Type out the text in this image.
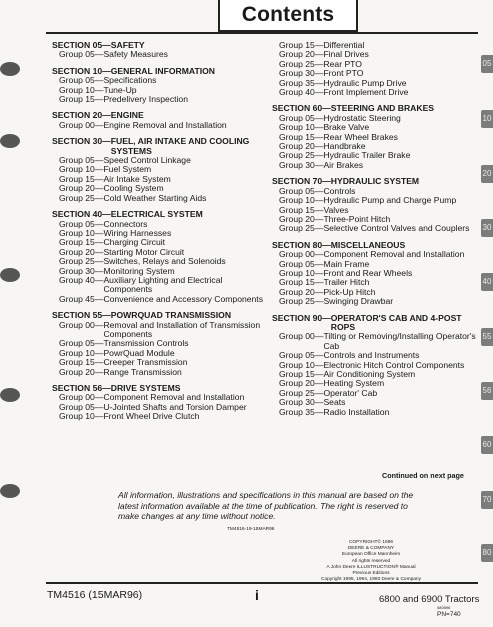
Contents
SECTION 05— SAFETY
Group 05— Safety Measures
SECTION 10— GENERAL INFORMATION
Group 05— Specifications
Group 10— Tune-Up
Group 15— Predelivery Inspection
SECTION 20— ENGINE
Group 00— Engine Removal and Installation
SECTION 30— FUEL, AIR INTAKE AND COOLING SYSTEMS
Group 05— Speed Control Linkage
Group 10— Fuel System
Group 15— Air Intake System
Group 20— Cooling System
Group 25— Cold Weather Starting Aids
SECTION 40— ELECTRICAL SYSTEM
Group 05— Connectors
Group 10— Wiring Harnesses
Group 15— Charging Circuit
Group 20— Starting Motor Circuit
Group 25— Switches, Relays and Solenoids
Group 30— Monitoring System
Group 40— Auxiliary Lighting and Electrical Components
Group 45— Convenience and Accessory Components
SECTION 55— POWRQUAD TRANSMISSION
Group 00— Removal and Installation of Transmission Components
Group 05— Transmission Controls
Group 10— PowrQuad Module
Group 15— Creeper Transmission
Group 20— Range Transmission
SECTION 56— DRIVE SYSTEMS
Group 00— Component Removal and Installation
Group 05— U-Jointed Shafts and Torsion Damper
Group 10— Front Wheel Drive Clutch
Group 15— Differential
Group 20— Final Drives
Group 25— Rear PTO
Group 30— Front PTO
Group 35— Hydraulic Pump Drive
Group 40— Front Implement Drive
SECTION 60— STEERING AND BRAKES
Group 05— Hydrostatic Steering
Group 10— Brake Valve
Group 15— Rear Wheel Brakes
Group 20— Handbrake
Group 25— Hydraulic Trailer Brake
Group 30— Air Brakes
SECTION 70— HYDRAULIC SYSTEM
Group 05— Controls
Group 10— Hydraulic Pump and Charge Pump
Group 15— Valves
Group 20— Three-Point Hitch
Group 25— Selective Control Valves and Couplers
SECTION 80— MISCELLANEOUS
Group 00— Component Removal and Installation
Group 05— Main Frame
Group 10— Front and Rear Wheels
Group 15— Trailer Hitch
Group 20— Pick-Up Hitch
Group 25— Swinging Drawbar
SECTION 90— OPERATOR'S CAB AND 4-POST ROPS
Group 00— Tilting or Removing/Installing Operator's Cab
Group 05— Controls and Instruments
Group 10— Electronic Hitch Control Components
Group 15— Air Conditioning System
Group 20— Heating System
Group 25— Operator' Cab
Group 30— Seats
Group 35— Radio Installation
Continued on next page
All information, illustrations and specifications in this manual are based on the latest information available at the time of publication. The right is reserved to make changes at any time without notice.
TM4516-19-15MAR96
COPYRIGHT© 1996
DEERE & COMPANY
European Office Mannheim
All rights reserved
A John Deere ILLUSTRUCTION® Manual
Previous Editions
Copyright 1995, 1994, 1993 Deere & Company
TM4516 (15MAR96)	i	6800 and 6900 Tractors
080596
PN=740
05
10
20
30
40
55
56
60
70
80
